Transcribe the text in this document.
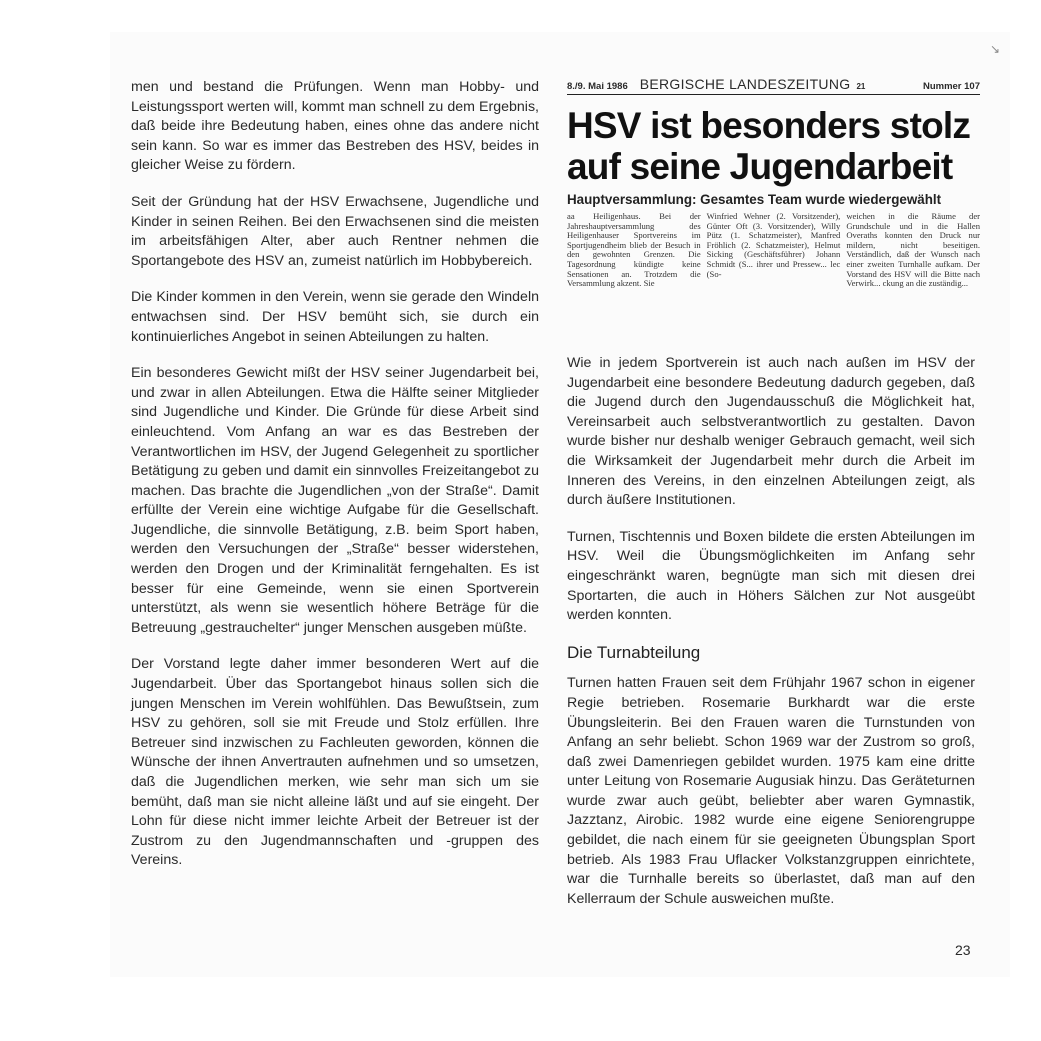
↘

men und bestand die Prüfungen. Wenn man Hobby- und Leistungssport werten will, kommt man schnell zu dem Ergebnis, daß beide ihre Bedeutung haben, eines ohne das andere nicht sein kann. So war es immer das Bestreben des HSV, beides in gleicher Weise zu fördern.

Seit der Gründung hat der HSV Erwachsene, Jugendliche und Kinder in seinen Reihen. Bei den Erwachsenen sind die meisten im arbeitsfähigen Alter, aber auch Rentner nehmen die Sportangebote des HSV an, zumeist natürlich im Hobbybereich.

Die Kinder kommen in den Verein, wenn sie gerade den Windeln entwachsen sind. Der HSV bemüht sich, sie durch ein kontinuierliches Angebot in seinen Abteilungen zu halten.

Ein besonderes Gewicht mißt der HSV seiner Jugendarbeit bei, und zwar in allen Abteilungen. Etwa die Hälfte seiner Mitglieder sind Jugendliche und Kinder. Die Gründe für diese Arbeit sind einleuchtend. Vom Anfang an war es das Bestreben der Verantwortlichen im HSV, der Jugend Gelegenheit zu sportlicher Betätigung zu geben und damit ein sinnvolles Freizeitangebot zu machen. Das brachte die Jugendlichen „von der Straße“. Damit erfüllte der Verein eine wichtige Aufgabe für die Gesellschaft. Jugendliche, die sinnvolle Betätigung, z.B. beim Sport haben, werden den Versuchungen der „Straße“ besser widerstehen, werden den Drogen und der Kriminalität ferngehalten. Es ist besser für eine Gemeinde, wenn sie einen Sportverein unterstützt, als wenn sie wesentlich höhere Beträge für die Betreuung „gestrauchelter“ junger Menschen ausgeben müßte.

Der Vorstand legte daher immer besonderen Wert auf die Jugendarbeit. Über das Sportangebot hinaus sollen sich die jungen Menschen im Verein wohlfühlen. Das Bewußtsein, zum HSV zu gehören, soll sie mit Freude und Stolz erfüllen. Ihre Betreuer sind inzwischen zu Fachleuten geworden, können die Wünsche der ihnen Anvertrauten aufnehmen und so umsetzen, daß die Jugendlichen merken, wie sehr man sich um sie bemüht, daß man sie nicht alleine läßt und auf sie eingeht. Der Lohn für diese nicht immer leichte Arbeit der Betreuer ist der Zustrom zu den Jugendmannschaften und -gruppen des Vereins.

8./9. Mai 1986 BERGISCHE LANDESZEITUNG 21	Nummer 107
HSV ist besonders stolz auf seine Jugendarbeit
Hauptversammlung: Gesamtes Team wurde wiedergewählt
aa Heiligenhaus. Bei der Jahreshauptversammlung des Heiligenhauser Sportvereins im Sportjugendheim blieb der Besuch in den gewohnten Grenzen. Die Tagesordnung kündigte keine Sensationen an. Trotzdem die Versammlung akzent. Sie
Winfried Wehner (2. Vorsitzender), Günter Oft (3. Vorsitzender), Willy Pütz (1. Schatzmeister), Manfred Fröhlich (2. Schatzmeister), Helmut Sicking (Geschäftsführer) Johann Schmidt (S... ihrer und Pressew... lec (So-
weichen in die Räume der Grundschule und in die Hallen Overaths konnten den Druck nur mildern, nicht beseitigen. Verständlich, daß der Wunsch nach einer zweiten Turnhalle aufkam. Der Vorstand des HSV will die Bitte nach Verwirk... ckung an die zuständig...

Wie in jedem Sportverein ist auch nach außen im HSV der Jugendarbeit eine besondere Bedeutung dadurch gegeben, daß die Jugend durch den Jugendausschuß die Möglichkeit hat, Vereinsarbeit auch selbstverantwortlich zu gestalten. Davon wurde bisher nur deshalb weniger Gebrauch gemacht, weil sich die Wirksamkeit der Jugendarbeit mehr durch die Arbeit im Inneren des Vereins, in den einzelnen Abteilungen zeigt, als durch äußere Institutionen.

Turnen, Tischtennis und Boxen bildete die ersten Abteilungen im HSV. Weil die Übungsmöglichkeiten im Anfang sehr eingeschränkt waren, begnügte man sich mit diesen drei Sportarten, die auch in Höhers Sälchen zur Not ausgeübt werden konnten.

Die Turnabteilung

Turnen hatten Frauen seit dem Frühjahr 1967 schon in eigener Regie betrieben. Rosemarie Burkhardt war die erste Übungsleiterin. Bei den Frauen waren die Turnstunden von Anfang an sehr beliebt. Schon 1969 war der Zustrom so groß, daß zwei Damenriegen gebildet wurden. 1975 kam eine dritte unter Leitung von Rosemarie Augusiak hinzu. Das Geräteturnen wurde zwar auch geübt, beliebter aber waren Gymnastik, Jazztanz, Airobic. 1982 wurde eine eigene Seniorengruppe gebildet, die nach einem für sie geeigneten Übungsplan Sport betrieb. Als 1983 Frau Uflacker Volkstanzgruppen einrichtete, war die Turnhalle bereits so überlastet, daß man auf den Kellerraum der Schule ausweichen mußte.

23
